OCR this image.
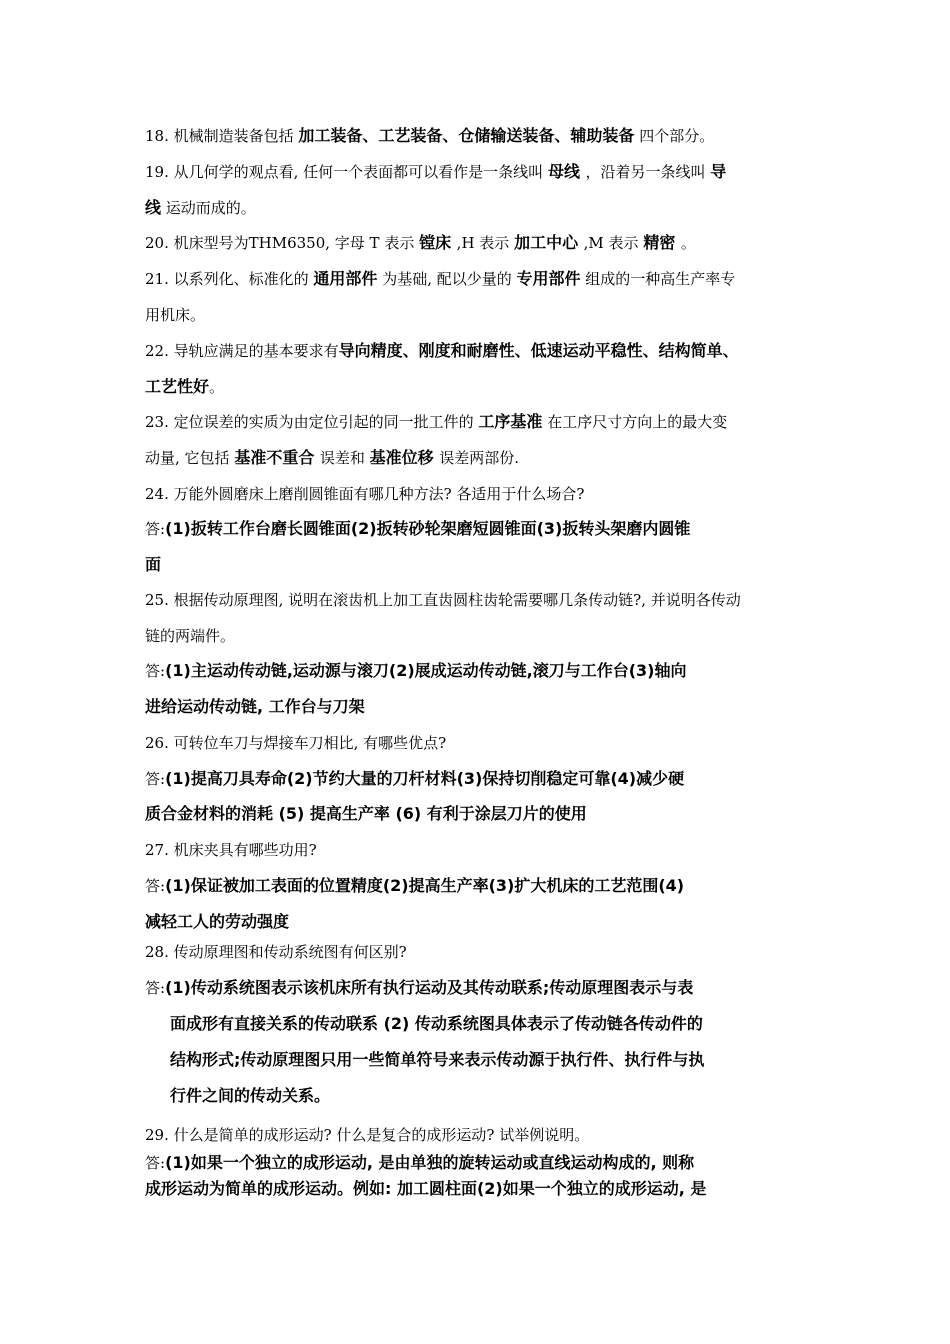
18. 机械制造装备包括 加工装备、工艺装备、仓储输送装备、辅助装备 四个部分。
19. 从几何学的观点看, 任何一个表面都可以看作是一条线叫 母线 ，沿着另一条线叫 导
线 运动而成的。
20. 机床型号为THM6350, 字母 T 表示 镗床 ,H 表示 加工中心 ,M 表示 精密 。
21. 以系列化、标准化的 通用部件 为基础, 配以少量的 专用部件 组成的一种高生产率专
用机床。
22. 导轨应满足的基本要求有导向精度、刚度和耐磨性、低速运动平稳性、结构简单、
工艺性好。
23. 定位误差的实质为由定位引起的同一批工件的 工序基准 在工序尺寸方向上的最大变
动量, 它包括 基准不重合 误差和 基准位移 误差两部份.
24. 万能外圆磨床上磨削圆锥面有哪几种方法? 各适用于什么场合?
答:(1)扳转工作台磨长圆锥面(2)扳转砂轮架磨短圆锥面(3)扳转头架磨内圆锥
面
25. 根据传动原理图, 说明在滚齿机上加工直齿圆柱齿轮需要哪几条传动链?, 并说明各传动
链的两端件。
答:(1)主运动传动链,运动源与滚刀(2)展成运动传动链,滚刀与工作台(3)轴向
进给运动传动链, 工作台与刀架
26. 可转位车刀与焊接车刀相比, 有哪些优点?
答:(1)提高刀具寿命(2)节约大量的刀杆材料(3)保持切削稳定可靠(4)减少硬
质合金材料的消耗 (5) 提高生产率 (6) 有利于涂层刀片的使用
27. 机床夹具有哪些功用?
答:(1)保证被加工表面的位置精度(2)提高生产率(3)扩大机床的工艺范围(4)
减轻工人的劳动强度
28. 传动原理图和传动系统图有何区别?
答:(1)传动系统图表示该机床所有执行运动及其传动联系;传动原理图表示与表
面成形有直接关系的传动联系 (2) 传动系统图具体表示了传动链各传动件的
结构形式;传动原理图只用一些简单符号来表示传动源于执行件、执行件与执
行件之间的传动关系。
29. 什么是简单的成形运动? 什么是复合的成形运动? 试举例说明。
答:(1)如果一个独立的成形运动, 是由单独的旋转运动或直线运动构成的, 则称
成形运动为简单的成形运动。例如: 加工圆柱面(2)如果一个独立的成形运动, 是
